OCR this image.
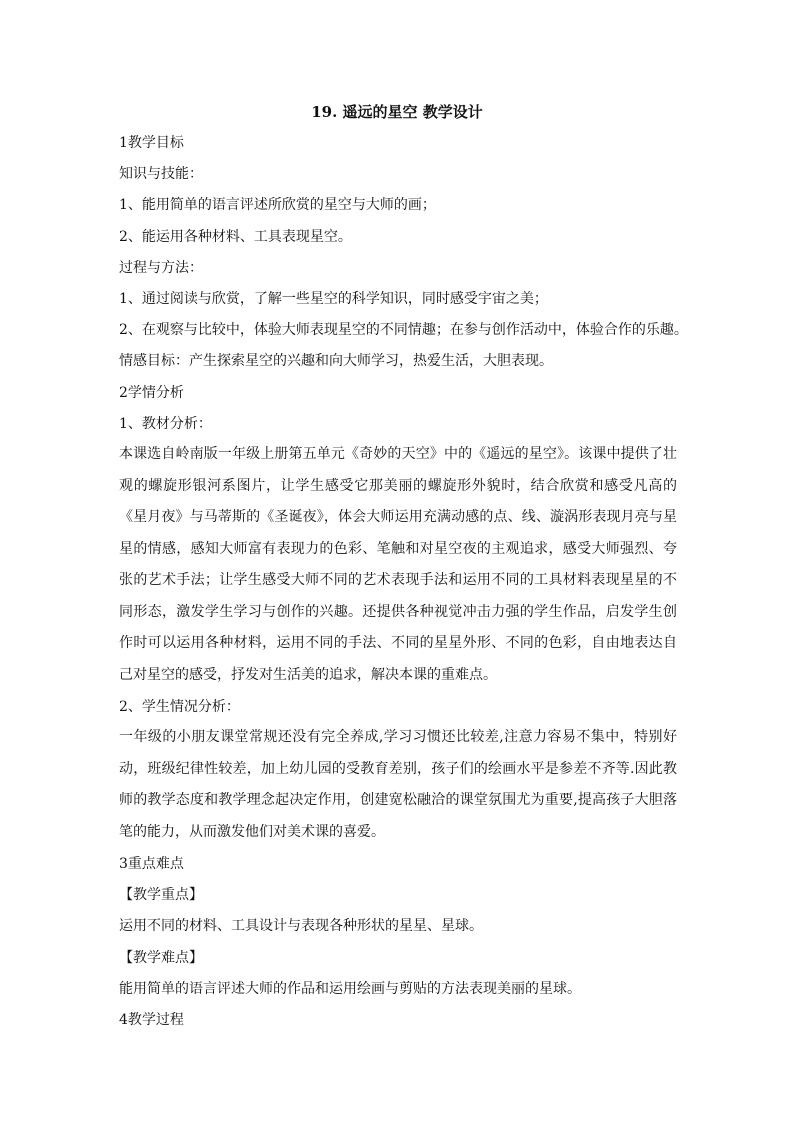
19. 遥远的星空 教学设计
1教学目标
知识与技能：
1、能用简单的语言评述所欣赏的星空与大师的画；
2、能运用各种材料、工具表现星空。
过程与方法：
1、通过阅读与欣赏，了解一些星空的科学知识，同时感受宇宙之美；
2、在观察与比较中，体验大师表现星空的不同情趣；在参与创作活动中，体验合作的乐趣。
情感目标：产生探索星空的兴趣和向大师学习，热爱生活，大胆表现。
2学情分析
1、教材分析：

本课选自岭南版一年级上册第五单元《奇妙的天空》中的《遥远的星空》。该课中提供了壮观的螺旋形银河系图片，让学生感受它那美丽的螺旋形外貌时，结合欣赏和感受凡高的《星月夜》与马蒂斯的《圣诞夜》，体会大师运用充满动感的点、线、漩涡形表现月亮与星星的情感，感知大师富有表现力的色彩、笔触和对星空夜的主观追求，感受大师强烈、夸张的艺术手法；让学生感受大师不同的艺术表现手法和运用不同的工具材料表现星星的不同形态，激发学生学习与创作的兴趣。还提供各种视觉冲击力强的学生作品，启发学生创作时可以运用各种材料，运用不同的手法、不同的星星外形、不同的色彩，自由地表达自己对星空的感受，抒发对生活美的追求，解决本课的重难点。

2、学生情况分析：

一年级的小朋友课堂常规还没有完全养成,学习习惯还比较差,注意力容易不集中，特别好动，班级纪律性较差，加上幼儿园的受教育差别，孩子们的绘画水平是参差不齐等.因此教师的教学态度和教学理念起决定作用，创建宽松融洽的课堂氛围尤为重要,提高孩子大胆落笔的能力，从而激发他们对美术课的喜爱。

3重点难点
【教学重点】
运用不同的材料、工具设计与表现各种形状的星星、星球。
【教学难点】
能用简单的语言评述大师的作品和运用绘画与剪贴的方法表现美丽的星球。
4教学过程
